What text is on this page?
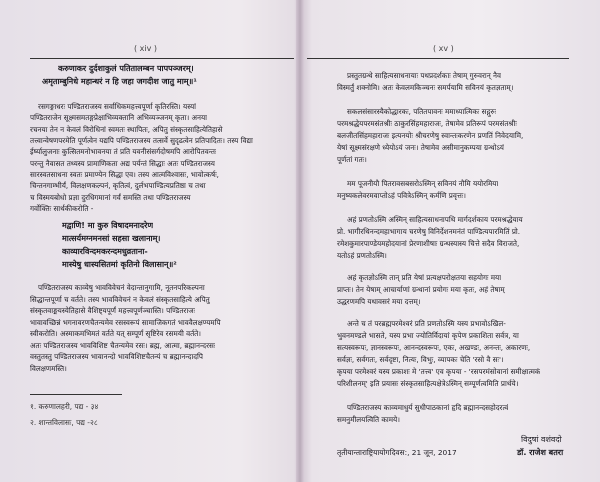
( xiv )
करुणाकर दुर्दशाकुलं पतितालम्बन पापपञ्जरम्।
अमृताम्बुनिधे महान्धरं न हि जहा जगदीश जातु माम्॥¹
रसगङ्गाधरः पण्डितराजस्य सर्वाधिकमहत्त्वपूर्णा कृतिरस्ति। यस्यां
पण्डितराजेन सूक्ष्मसमतङ्गप्रेक्षाभिव्यक्तानि अभिव्यञ्जनम् कृता। अनया
रचनया तेन न केवलं विरोधिनां स्वमतः स्थापितः, अपितु संस्कृतसाहित्येतिहासे
तत्त्वान्वेषणपरमेति पूर्णत्वेन यद्यपि पण्डितराजस्य तत्सर्वे सुदृढत्वेन प्रतिपादितः। तस्य विद्या
ईर्ष्यालुजनाः कुत्सितमनोभावनया तं प्रति यवनीसंसर्गदोषमपि आरोपितवन्तः
परन्तु नैवासत तथ्यस्य प्रामाणिकता अद्य पर्यन्तं सिद्धाः अतः पण्डितराजस्य
सारस्वतसाधना स्वतः प्रमाण्येन सिद्धा एव। तस्य आत्मविश्वासः, भावोत्कर्षः,
चिन्तनगाम्भीर्यं, विलक्षणकल्पनं, कृतित्वं, दुर्लभपाण्डित्यप्रतिष्ठा च तथा
च विस्मयबोधो प्रज्ञा दुरधिगमानां गर्वं समस्ति तथा पण्डितराजस्य
गर्वोक्तिः सार्थकीकरोति -
मद्वाणि! मा कुरु विषादमनादरेण
मात्सर्यमग्नमनसां सहसा खलानाम्।
काव्यारविन्दमकरन्दमधुव्रताना-
मास्येषु धास्यसितमां कृतिनो विलासान्॥²
पण्डितराजस्य काव्येषु भावविवेचनं वेदान्तानुगामि, नूतनपरिकल्पना
सिद्धान्तपूर्णा च वर्तते। तस्य भावविवेचनं न केवलं संस्कृतसाहित्ये अपितु
संस्कृतवाङ्मयस्येतिहासे वैशिष्ट्यपूर्णं महत्त्वपूर्णञ्चास्ति। पण्डितराजः
भावावच्छिन्नं भगनावरणचैतन्यमेव रसस्वरूपं सामाजिकगतं भाववैलक्षण्यमपि
स्वीकरोति। अस्माकमभिमतं वर्तते यत् सम्पूर्णं सृष्टिरेव रसमयी वर्तते।
अतः पण्डितराजस्य भावविशिष्ट चैतन्यमेव रसः। ब्रह्म, आत्मा, ब्रह्मानन्दरसः
वस्तुतस्तु पण्डितराजस्य भावानन्दो भावविशिष्टचैतन्यं च ब्रह्मानन्दादपि
विलक्षणमस्ति।
१. करुणालहरी, पद्य - ३४
२. शान्तविलासः, पद्य -२८
( xv )
प्रस्तुतग्रन्थे साहित्यसाधनायाः पथप्रदर्शकाः तेषाम् गुरुवरान् नैव
विस्मर्तुं शक्नोमि। अतः केवलमकिञ्चनः समर्पयामि सविनयं कृतज्ञताम्।
सकलसंसारस्यैकोद्धारकः, पतितपावनः ममाध्यात्मिकः सद्गुरुः
परमश्रद्धेयपरमसंतश्रीः ठाकुरसिंहमहाराजः, तेषामेव प्रतिरूपं परमसंतश्रीः
बलजीतसिंहमहाराजः इत्यनयोः श्रीचरणेषु स्वान्तःकरणेन प्रणतिं निवेदयामि,
येषां सूक्ष्मसंरक्षणे ध्येयोऽयं जनः। तेषामेव असीमानुकम्पया ग्रन्थोऽयं
पूर्णतां गतः।
मम पूजनीयौ पितरावसबसरोऽस्मिन् सविनयं नौमि ययोरमिया
मनुष्यकलेवरमवाप्तोऽहं पवित्रेऽस्मिन् कर्मणि प्रवृत्तः।
अहं प्रणतोऽस्मि अस्मिन् साहित्यसाधनापथि मार्गदर्शकाय परमश्रद्धेयाय
प्रो. भागीरथिनन्दमहाभागाय चरणेषु विनिर्देशनमनंतं पाण्डित्यपारमितिं प्रो.
रमेशकुमारपाण्डेयमहोदयानां प्रेरणाशीषाः ग्रन्थस्यास्य चित्ते सदैव विराजते,
यतोऽहं प्रणतोऽस्मि।
अहं कृतज्ञोऽस्मि तान् प्रति येषां प्रत्यक्षपरोक्षतया सहयोगः मया
प्राप्तः। तेन येषाम् आचार्याणां ग्रन्थानां प्रयोगः मया कृतः, अहं तेषाम्
उद्धरणमपि यथावसरं मया दत्तम्।
अन्ते च तं परब्रह्मपरमेश्वरं प्रति प्रणतोऽस्मि यस्य प्रभावोऽखिल-
भुवनमण्डले भासते, यस्य प्रभा ज्योतिर्विदायां कृपेण प्रकाशिता सर्वत्र, या
सत्यस्वरूपः, ज्ञानस्वरूपः, आनन्दस्वरूपः, एकः, अखण्डः, अनन्तः, अकारणः,
सर्वज्ञः, सर्वगतः, सर्वदृष्टा, नित्यः, विभुः, व्यापकः चेति 'रसो वै सः'।
कृपया परमेश्वरं यस्य प्रकाशः मे 'तत्त्व' एव कृपया - 'रसपरमंसोवानां समीक्षात्मकं
परिशीलनम्' इति प्रयासः संस्कृतसाहित्यक्षेत्रेऽस्मिन् सम्पूर्णत्वमिति प्रार्थये।
पण्डितराजस्य काव्यमाधुर्य सुधीपाठकानां हृदि ब्रह्मानन्दसहोदरत्वं
समनुमीलयत्विति कामये।
विदुषां वशंवदो
तृतीयान्ताराष्ट्रियायोगदिवस:, 21 जून, 2017	डॉ. राजेश बतरा
